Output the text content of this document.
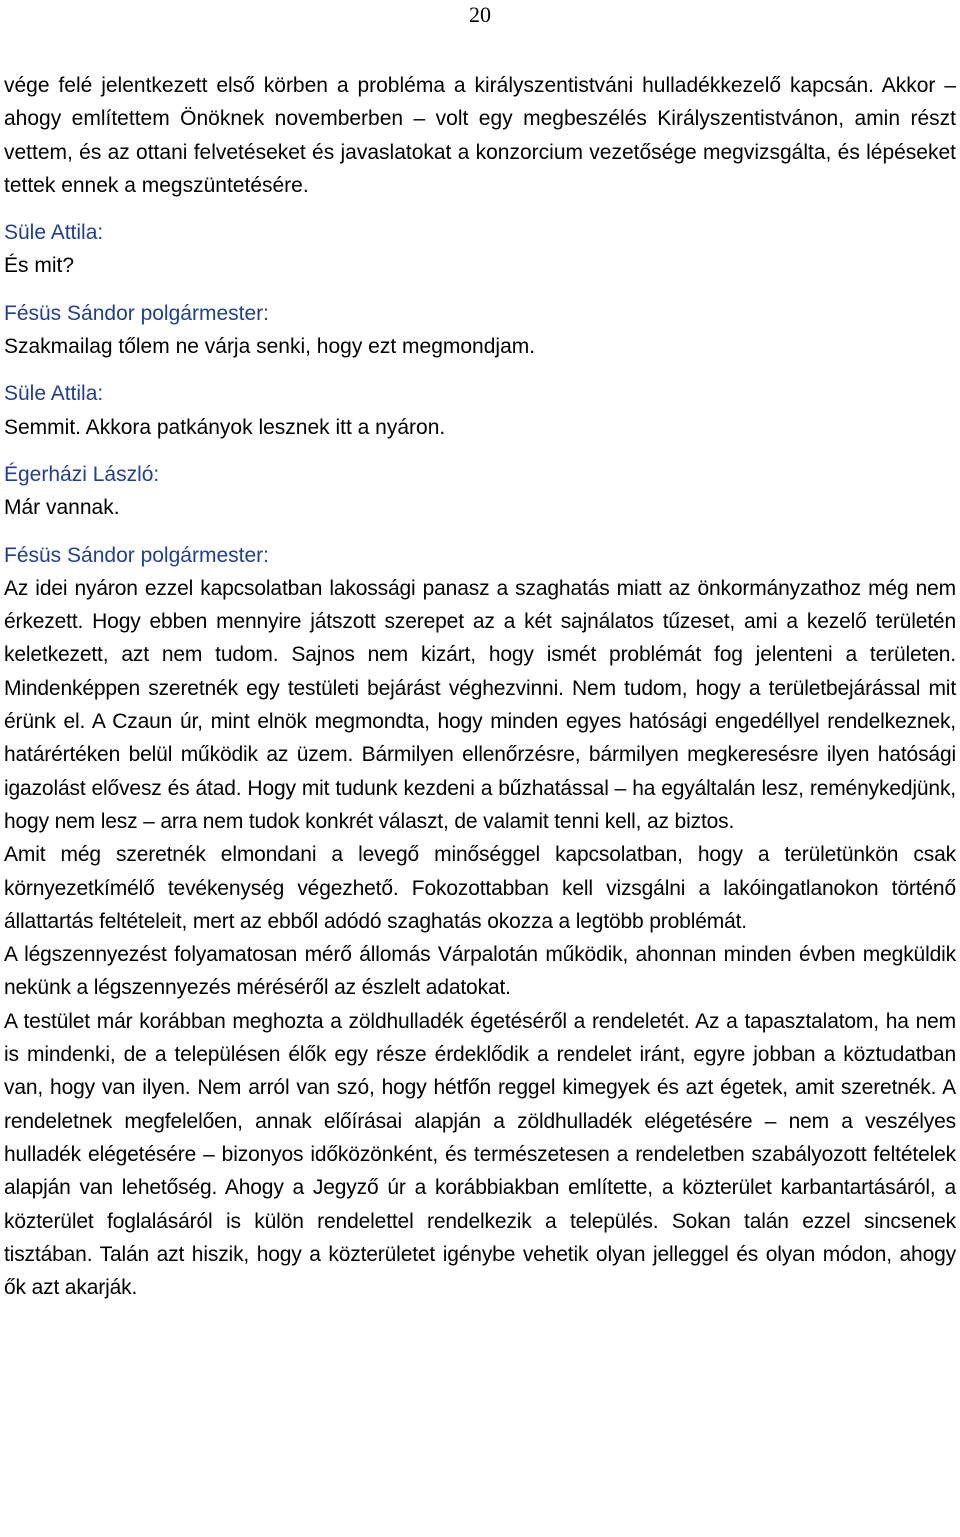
20

vége felé jelentkezett első körben a probléma a királyszentistváni hulladékkezelő kapcsán. Akkor – ahogy említettem Önöknek novemberben – volt egy megbeszélés Királyszentistvánon, amin részt vettem, és az ottani felvetéseket és javaslatokat a konzorcium vezetősége megvizsgálta, és lépéseket tettek ennek a megszüntetésére.

Süle Attila:
És mit?
Fésüs Sándor polgármester:
Szakmailag tőlem ne várja senki, hogy ezt megmondjam.
Süle Attila:
Semmit. Akkora patkányok lesznek itt a nyáron.
Égerházi László:
Már vannak.
Fésüs Sándor polgármester:
Az idei nyáron ezzel kapcsolatban lakossági panasz a szaghatás miatt az önkormányzathoz még nem érkezett. Hogy ebben mennyire játszott szerepet az a két sajnálatos tűzeset, ami a kezelő területén keletkezett, azt nem tudom. Sajnos nem kizárt, hogy ismét problémát fog jelenteni a területen. Mindenképpen szeretnék egy testületi bejárást véghezvinni. Nem tudom, hogy a területbejárással mit érünk el. A Czaun úr, mint elnök megmondta, hogy minden egyes hatósági engedéllyel rendelkeznek, határértéken belül működik az üzem. Bármilyen ellenőrzésre, bármilyen megkeresésre ilyen hatósági igazolást elővesz és átad. Hogy mit tudunk kezdeni a bűzhatással – ha egyáltalán lesz, reménykedjünk, hogy nem lesz – arra nem tudok konkrét választ, de valamit tenni kell, az biztos.
Amit még szeretnék elmondani a levegő minőséggel kapcsolatban, hogy a területünkön csak környezetkímélő tevékenység végezhető. Fokozottabban kell vizsgálni a lakóingatlanokon történő állattartás feltételeit, mert az ebből adódó szaghatás okozza a legtöbb problémát.
A légszennyezést folyamatosan mérő állomás Várpalotán működik, ahonnan minden évben megküldik nekünk a légszennyezés méréséről az észlelt adatokat.
A testület már korábban meghozta a zöldhulladék égetéséről a rendeletét. Az a tapasztalatom, ha nem is mindenki, de a településen élők egy része érdeklődik a rendelet iránt, egyre jobban a köztudatban van, hogy van ilyen. Nem arról van szó, hogy hétfőn reggel kimegyek és azt égetek, amit szeretnék. A rendeletnek megfelelően, annak előírásai alapján a zöldhulladék elégetésére – nem a veszélyes hulladék elégetésére – bizonyos időközönként, és természetesen a rendeletben szabályozott feltételek alapján van lehetőség. Ahogy a Jegyző úr a korábbiakban említette, a közterület karbantartásáról, a közterület foglalásáról is külön rendelettel rendelkezik a település. Sokan talán ezzel sincsenek tisztában. Talán azt hiszik, hogy a közterületet igénybe vehetik olyan jelleggel és olyan módon, ahogy ők azt akarják.
